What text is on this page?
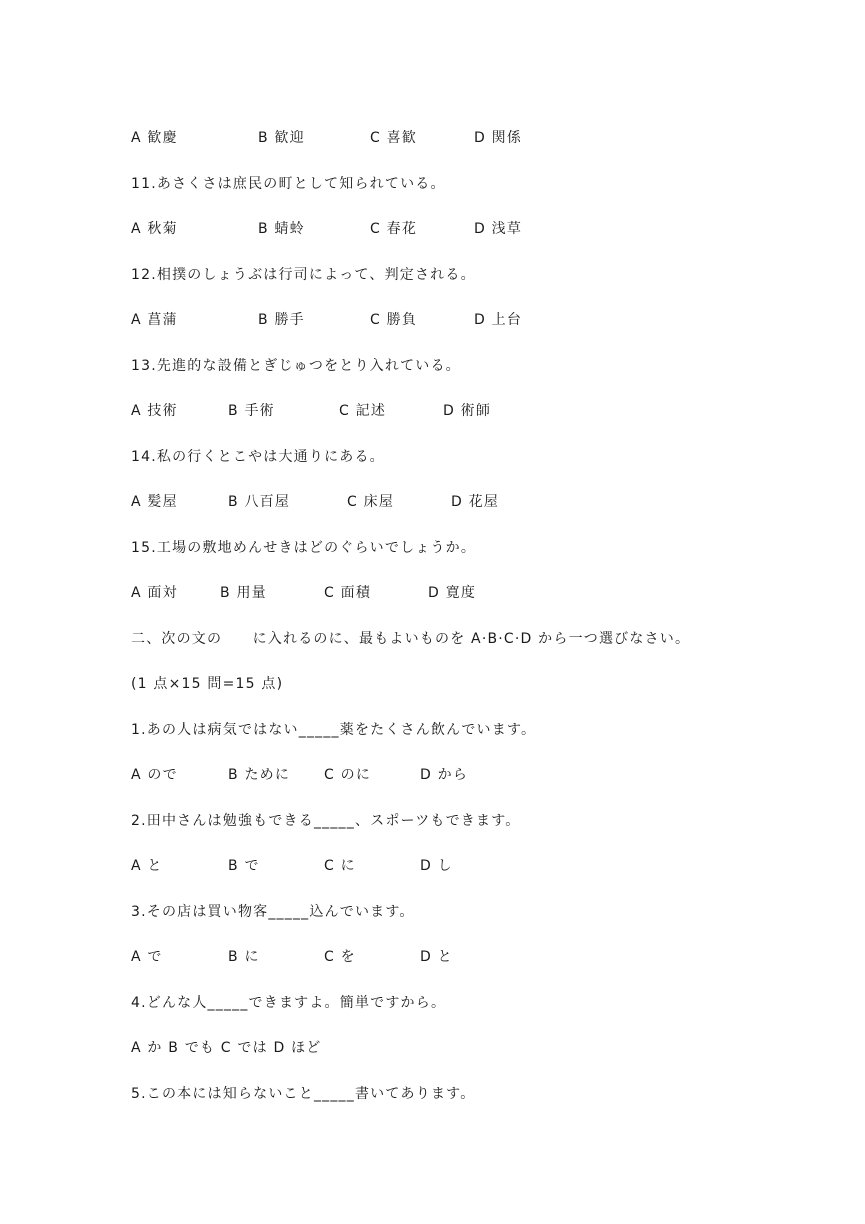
A 歓慶	B 歓迎	C 喜歓	D 関係
11.あさくさは庶民の町として知られている。
A 秋菊	B 蜻蛉	C 春花	D 浅草
12.相撲のしょうぶは行司によって、判定される。
A 菖蒲	B 勝手	C 勝負	D 上台
13.先進的な設備とぎじゅつをとり入れている。
A 技術	B 手術	C 記述	D 術師
14.私の行くとこやは大通りにある。
A 髪屋	B 八百屋	C 床屋	D 花屋
15.工場の敷地めんせきはどのぐらいでしょうか。
A 面対	B 用量	C 面積	D 寛度
二、次の文の　　に入れるのに、最もよいものを A·B·C·D から一つ選びなさい。
(1 点×15 問=15 点)
1.あの人は病気ではない_____薬をたくさん飲んでいます。
A ので	B ために C のに	D から
2.田中さんは勉強もできる_____、スポーツもできます。
A と	B で	C に	D し
3.その店は買い物客_____込んでいます。
A で	B に	C を	D と
4.どんな人_____できますよ。簡単ですから。
A か B でも C では D ほど
5.この本には知らないこと_____書いてあります。
